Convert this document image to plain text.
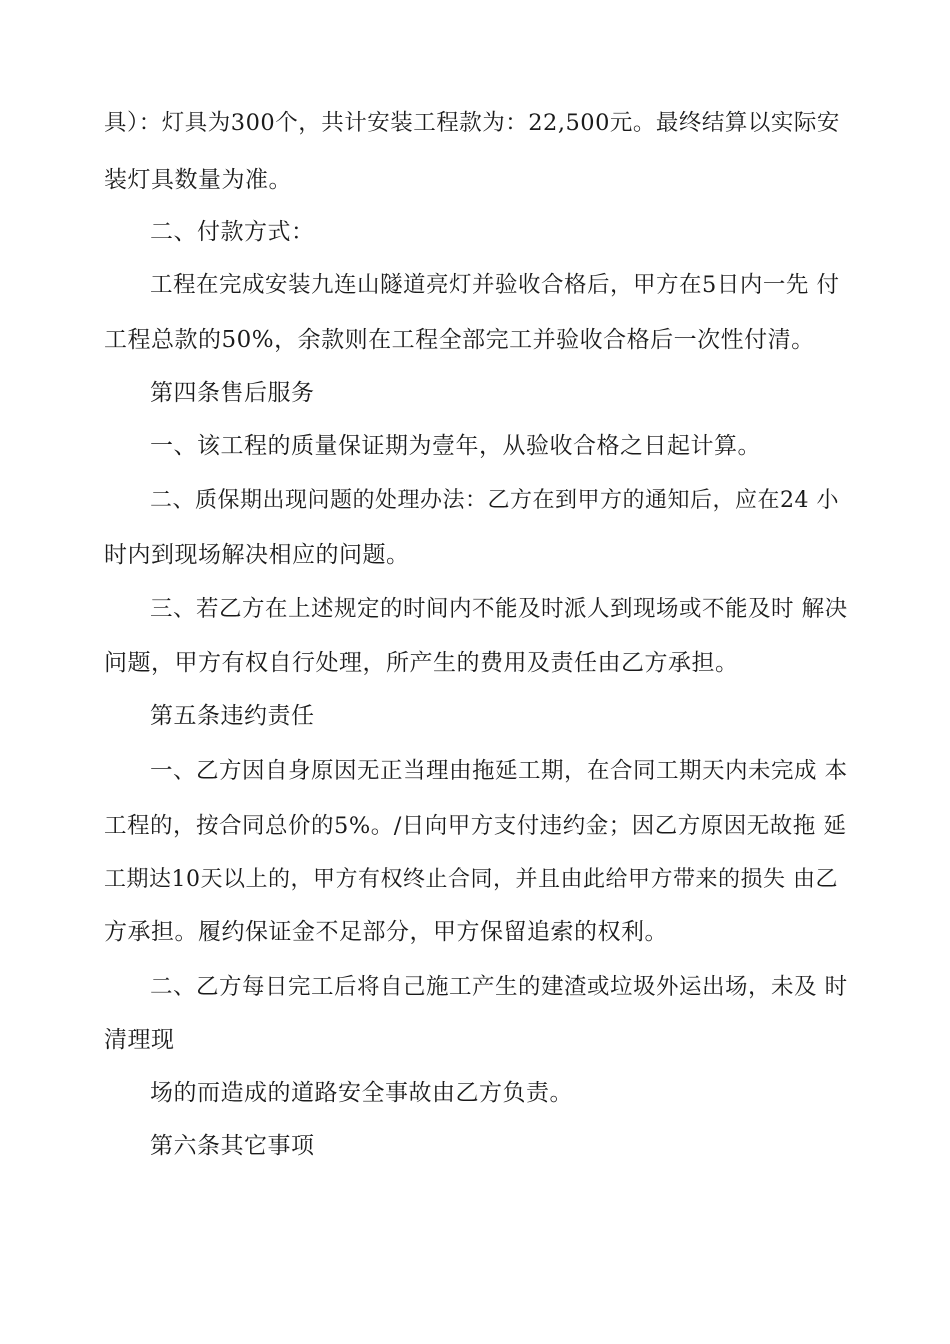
具）：灯具为300个，共计安装工程款为：22,500元。最终结算以实际安
装灯具数量为准。
二、付款方式：
工程在完成安装九连山隧道亮灯并验收合格后，甲方在5日内一先 付
工程总款的50%，余款则在工程全部完工并验收合格后一次性付清。
第四条售后服务
一、该工程的质量保证期为壹年，从验收合格之日起计算。
二、质保期出现问题的处理办法：乙方在到甲方的通知后，应在24 小
时内到现场解决相应的问题。
三、若乙方在上述规定的时间内不能及时派人到现场或不能及时 解决
问题，甲方有权自行处理，所产生的费用及责任由乙方承担。
第五条违约责任
一、乙方因自身原因无正当理由拖延工期，在合同工期天内未完成 本
工程的，按合同总价的5%。/日向甲方支付违约金；因乙方原因无故拖 延
工期达10天以上的，甲方有权终止合同，并且由此给甲方带来的损失 由乙
方承担。履约保证金不足部分，甲方保留追索的权利。
二、乙方每日完工后将自己施工产生的建渣或垃圾外运出场，未及 时
清理现
场的而造成的道路安全事故由乙方负责。
第六条其它事项
